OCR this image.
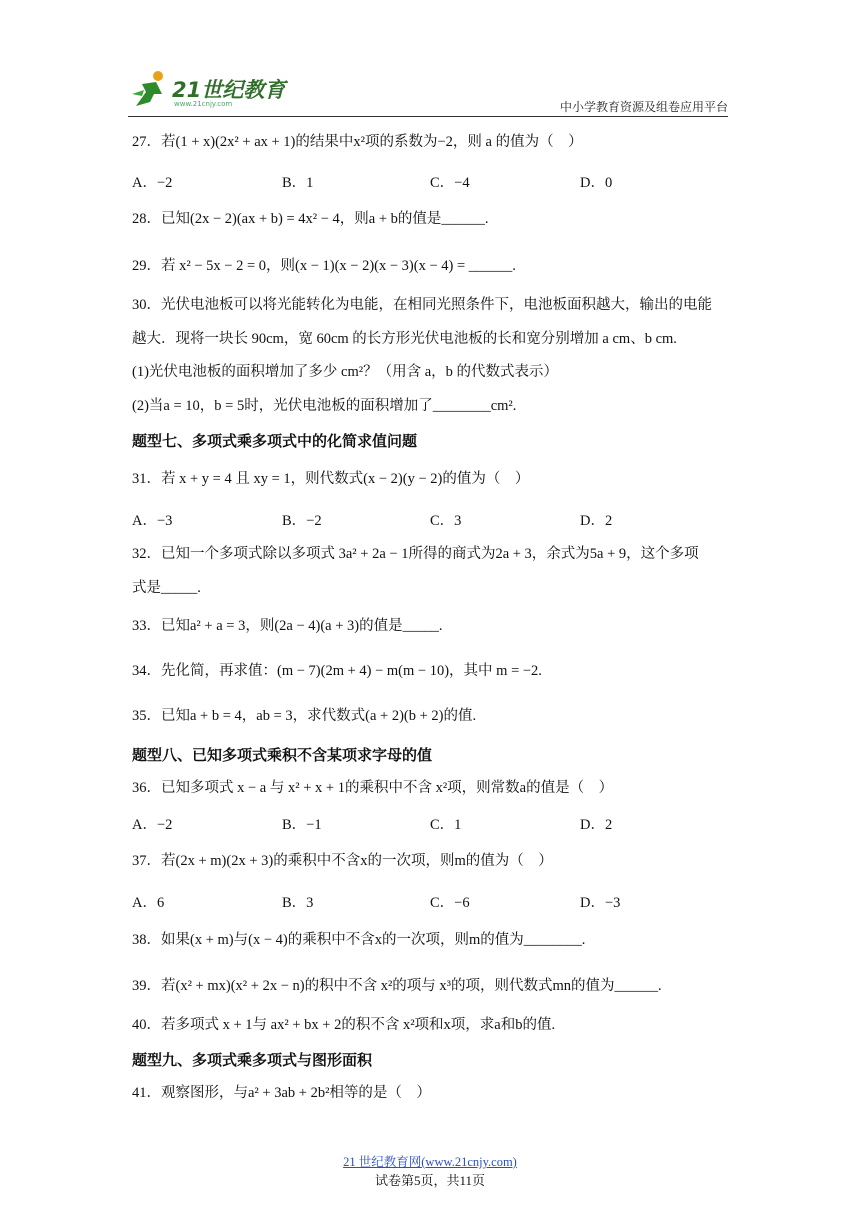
21世纪教育
www.21cnjy.com	中小学教育资源及组卷应用平台
27．若(1 + x)(2x² + ax + 1)的结果中x²项的系数为−2，则 a 的值为（　）
A．−2	B．1	C．−4	D．0
28．已知(2x − 2)(ax + b) = 4x² − 4，则a + b的值是______.
29．若 x² − 5x − 2 = 0，则(x − 1)(x − 2)(x − 3)(x − 4) = ______.
30．光伏电池板可以将光能转化为电能，在相同光照条件下，电池板面积越大，输出的电能
越大．现将一块长 90cm，宽 60cm 的长方形光伏电池板的长和宽分别增加 a cm、b cm.
(1)光伏电池板的面积增加了多少 cm²？（用含 a，b 的代数式表示）
(2)当a = 10，b = 5时，光伏电池板的面积增加了________cm².
题型七、多项式乘多项式中的化简求值问题
31．若 x + y = 4 且 xy = 1，则代数式(x − 2)(y − 2)的值为（　）
A．−3	B．−2	C．3	D．2
32．已知一个多项式除以多项式 3a² + 2a − 1所得的商式为2a + 3，余式为5a + 9，这个多项
式是_____.
33．已知a² + a = 3，则(2a − 4)(a + 3)的值是_____.
34．先化简，再求值：(m − 7)(2m + 4) − m(m − 10)，其中 m = −2.
35．已知a + b = 4，ab = 3，求代数式(a + 2)(b + 2)的值.
题型八、已知多项式乘积不含某项求字母的值
36．已知多项式 x − a 与 x² + x + 1的乘积中不含 x²项，则常数a的值是（　）
A．−2	B．−1	C．1	D．2
37．若(2x + m)(2x + 3)的乘积中不含x的一次项，则m的值为（　）
A．6	B．3	C．−6	D．−3
38．如果(x + m)与(x − 4)的乘积中不含x的一次项，则m的值为________.
39．若(x² + mx)(x² + 2x − n)的积中不含 x²的项与 x³的项，则代数式mn的值为______.
40．若多项式 x + 1与 ax² + bx + 2的积不含 x²项和x项，求a和b的值.
题型九、多项式乘多项式与图形面积
41．观察图形，与a² + 3ab + 2b²相等的是（　）
21 世纪教育网(www.21cnjy.com)
试卷第5页，共11页
